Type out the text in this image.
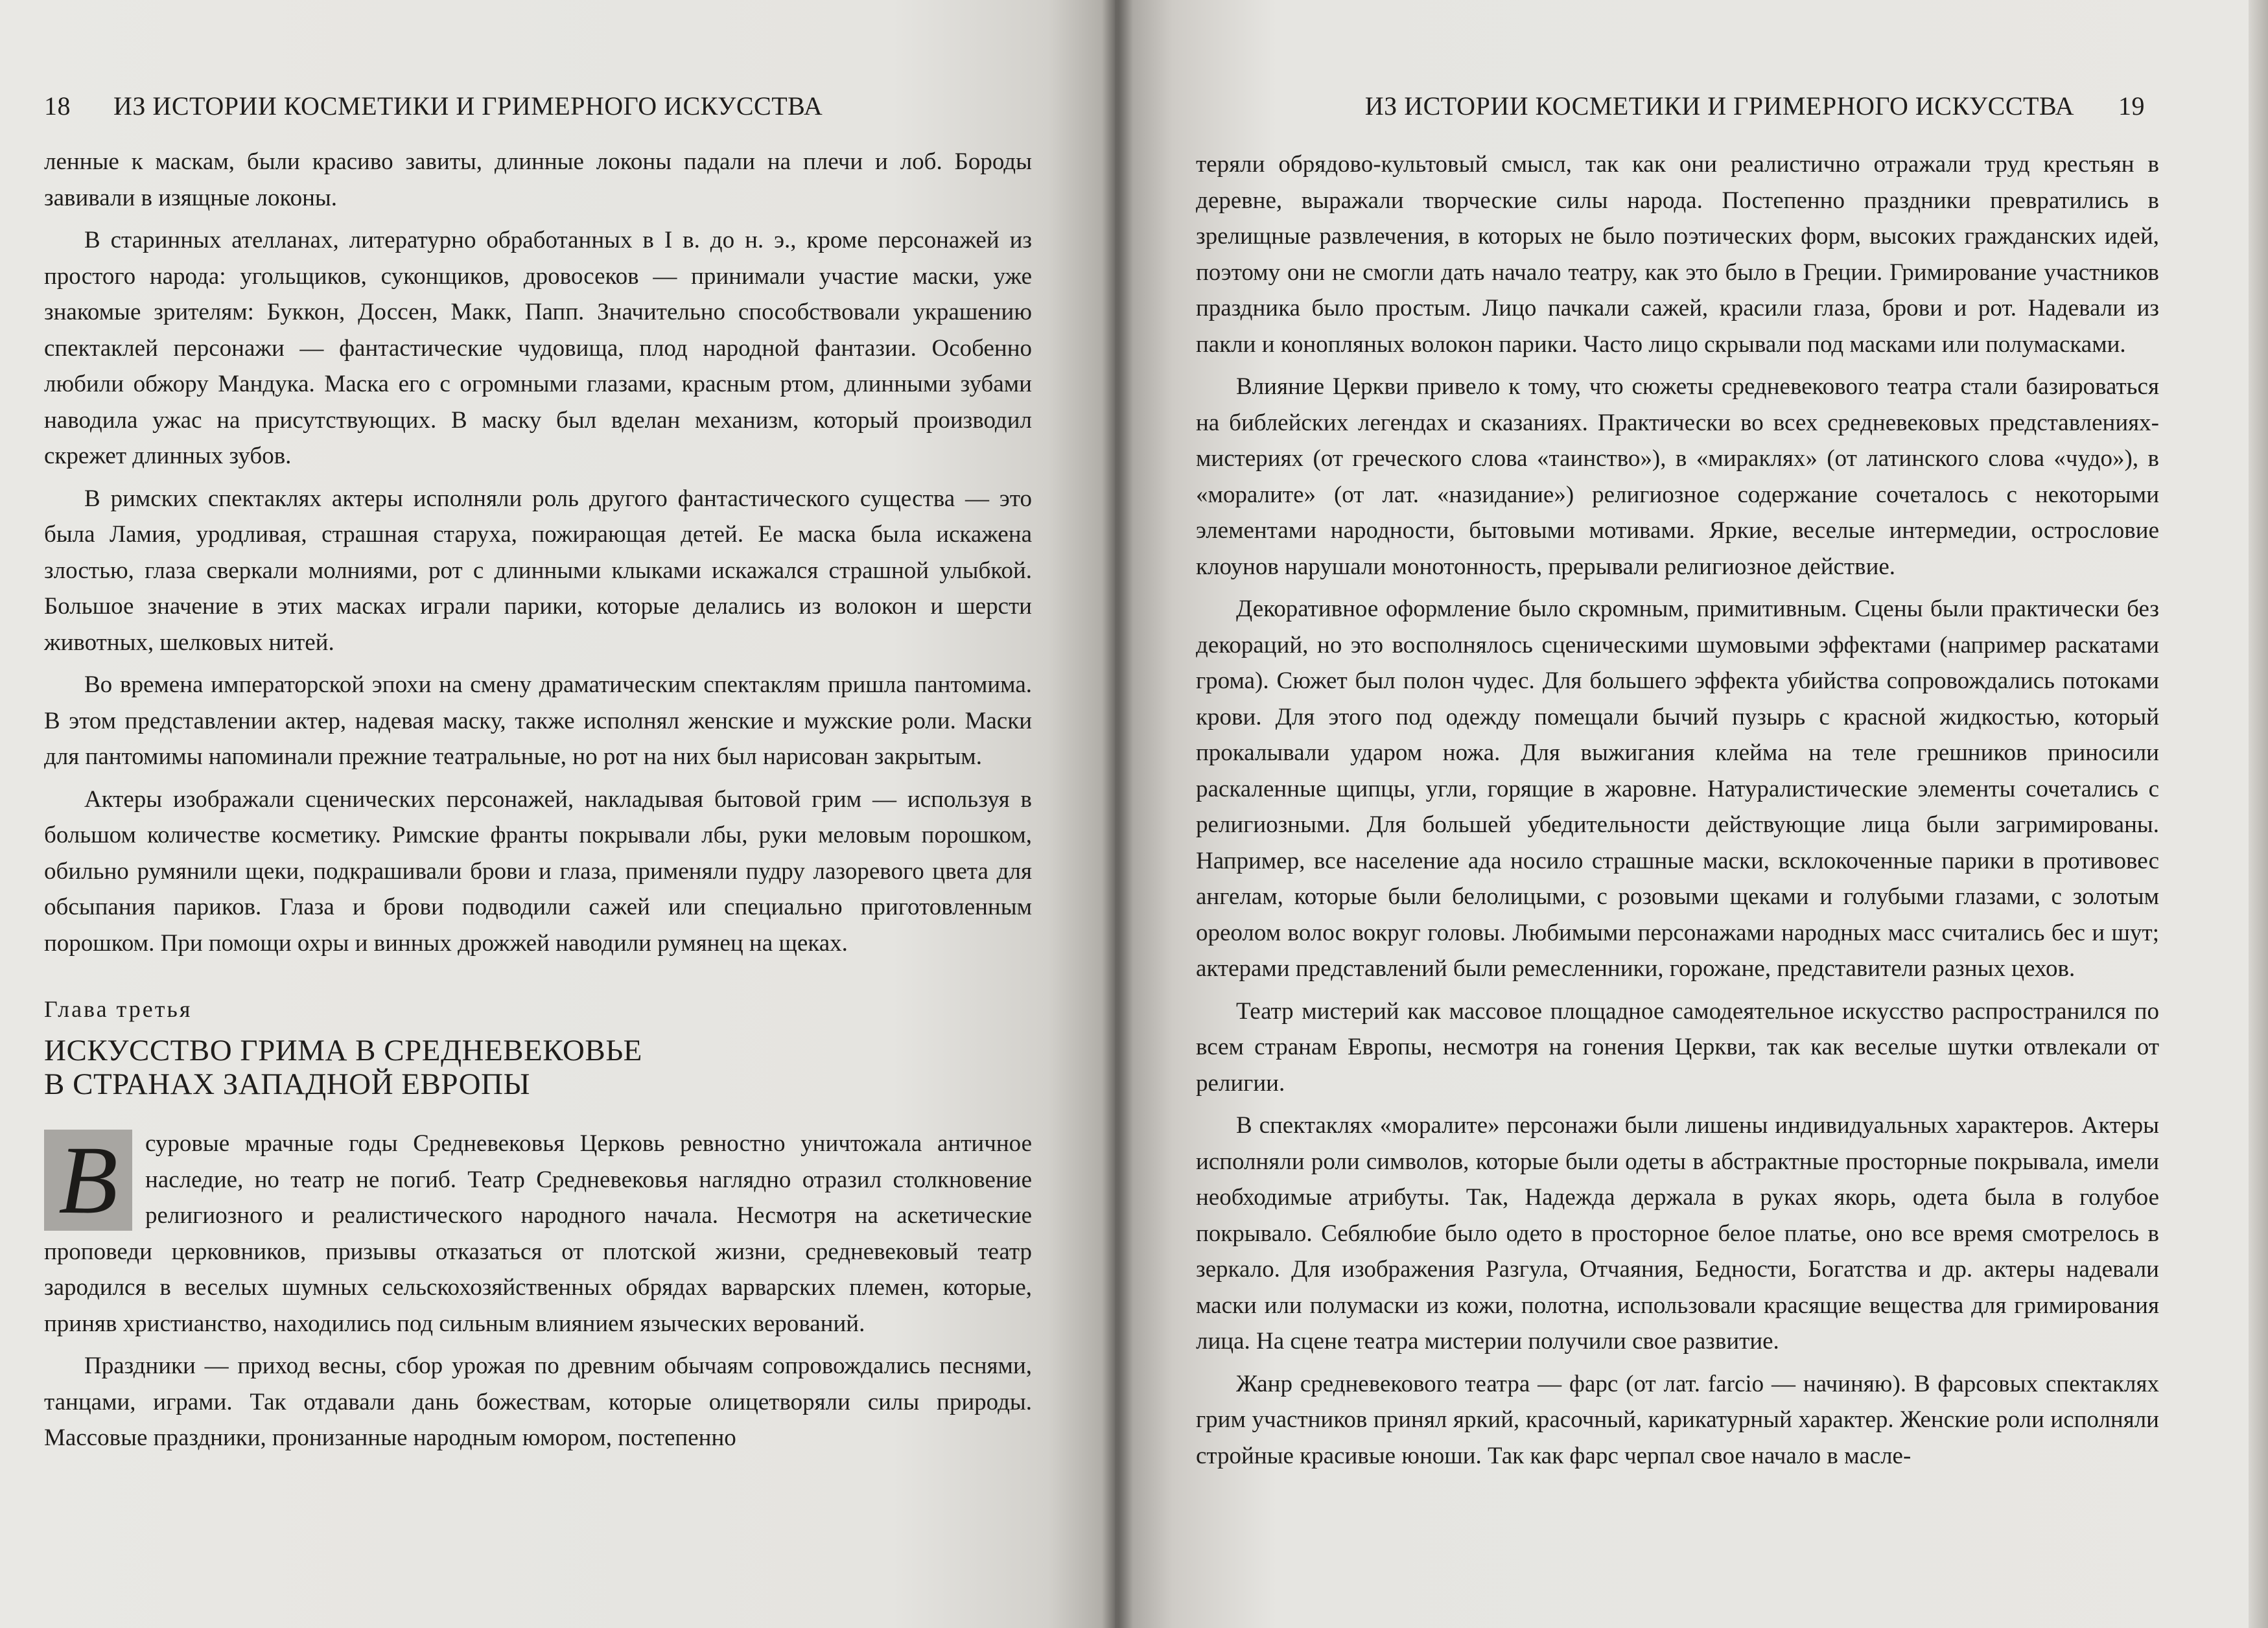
18 ИЗ ИСТОРИИ КОСМЕТИКИ И ГРИМЕРНОГО ИСКУССТВА

ленные к маскам, были красиво завиты, длинные локоны падали на плечи и лоб. Бороды завивали в изящные локоны.

В старинных ателланах, литературно обработанных в I в. до н. э., кроме персонажей из простого народа: угольщиков, суконщиков, дровосеков — принимали участие маски, уже знакомые зрителям: Буккон, Доссен, Макк, Папп. Значительно способствовали украшению спектаклей персонажи — фантастические чудовища, плод народной фантазии. Особенно любили обжору Мандука. Маска его с огромными глазами, красным ртом, длинными зубами наводила ужас на присутствующих. В маску был вделан механизм, который производил скрежет длинных зубов.

В римских спектаклях актеры исполняли роль другого фантастического существа — это была Ламия, уродливая, страшная старуха, пожирающая детей. Ее маска была искажена злостью, глаза сверкали молниями, рот с длинными клыками искажался страшной улыбкой. Большое значение в этих масках играли парики, которые делались из волокон и шерсти животных, шелковых нитей.

Во времена императорской эпохи на смену драматическим спектаклям пришла пантомима. В этом представлении актер, надевая маску, также исполнял женские и мужские роли. Маски для пантомимы напоминали прежние театральные, но рот на них был нарисован закрытым.

Актеры изображали сценических персонажей, накладывая бытовой грим — используя в большом количестве косметику. Римские франты покрывали лбы, руки меловым порошком, обильно румянили щеки, подкрашивали брови и глаза, применяли пудру лазоревого цвета для обсыпания париков. Глаза и брови подводили сажей или специально приготовленным порошком. При помощи охры и винных дрожжей наводили румянец на щеках.

Глава третья
ИСКУССТВО ГРИМА В СРЕДНЕВЕКОВЬЕ
В СТРАНАХ ЗАПАДНОЙ ЕВРОПЫ
В	суровые мрачные годы Средневековья Церковь ревностно уничтожала античное наследие, но театр не погиб. Театр Средневековья наглядно отразил столкновение религиозного и реалистического народного начала. Несмотря на аскетические проповеди церковников, призывы отказаться от плотской жизни, средневековый театр зародился в веселых шумных сельскохозяйственных обрядах варварских племен, которые, приняв христианство, находились под сильным влиянием языческих верований.

Праздники — приход весны, сбор урожая по древним обычаям сопровождались песнями, танцами, играми. Так отдавали дань божествам, которые олицетворяли силы природы. Массовые праздники, пронизанные народным юмором, постепенно

ИЗ ИСТОРИИ КОСМЕТИКИ И ГРИМЕРНОГО ИСКУССТВА 19

теряли обрядово-культовый смысл, так как они реалистично отражали труд крестьян в деревне, выражали творческие силы народа. Постепенно праздники превратились в зрелищные развлечения, в которых не было поэтических форм, высоких гражданских идей, поэтому они не смогли дать начало театру, как это было в Греции. Гримирование участников праздника было простым. Лицо пачкали сажей, красили глаза, брови и рот. Надевали из пакли и конопляных волокон парики. Часто лицо скрывали под масками или полумасками.

Влияние Церкви привело к тому, что сюжеты средневекового театра стали базироваться на библейских легендах и сказаниях. Практически во всех средневековых представлениях-мистериях (от греческого слова «таинство»), в «миракляx» (от латинского слова «чудо»), в «моралите» (от лат. «назидание») религиозное содержание сочеталось с некоторыми элементами народности, бытовыми мотивами. Яркие, веселые интермедии, острословие клоунов нарушали монотонность, прерывали религиозное действие.

Декоративное оформление было скромным, примитивным. Сцены были практически без декораций, но это восполнялось сценическими шумовыми эффектами (например раскатами грома). Сюжет был полон чудес. Для большего эффекта убийства сопровождались потоками крови. Для этого под одежду помещали бычий пузырь с красной жидкостью, который прокалывали ударом ножа. Для выжигания клейма на теле грешников приносили раскаленные щипцы, угли, горящие в жаровне. Натуралистические элементы сочетались с религиозными. Для большей убедительности действующие лица были загримированы. Например, все население ада носило страшные маски, всклокоченные парики в противовес ангелам, которые были белолицыми, с розовыми щеками и голубыми глазами, с золотым ореолом волос вокруг головы. Любимыми персонажами народных масс считались бес и шут; актерами представлений были ремесленники, горожане, представители разных цехов.

Театр мистерий как массовое площадное самодеятельное искусство распространился по всем странам Европы, несмотря на гонения Церкви, так как веселые шутки отвлекали от религии.

В спектаклях «моралите» персонажи были лишены индивидуальных характеров. Актеры исполняли роли символов, которые были одеты в абстрактные просторные покрывала, имели необходимые атрибуты. Так, Надежда держала в руках якорь, одета была в голубое покрывало. Себялюбие было одето в просторное белое платье, оно все время смотрелось в зеркало. Для изображения Разгула, Отчаяния, Бедности, Богатства и др. актеры надевали маски или полумаски из кожи, полотна, использовали красящие вещества для гримирования лица. На сцене театра мистерии получили свое развитие.

Жанр средневекового театра — фарс (от лат. farcio — начиняю). В фарсовых спектаклях грим участников принял яркий, красочный, карикатурный характер. Женские роли исполняли стройные красивые юноши. Так как фарс черпал свое начало в масле-
